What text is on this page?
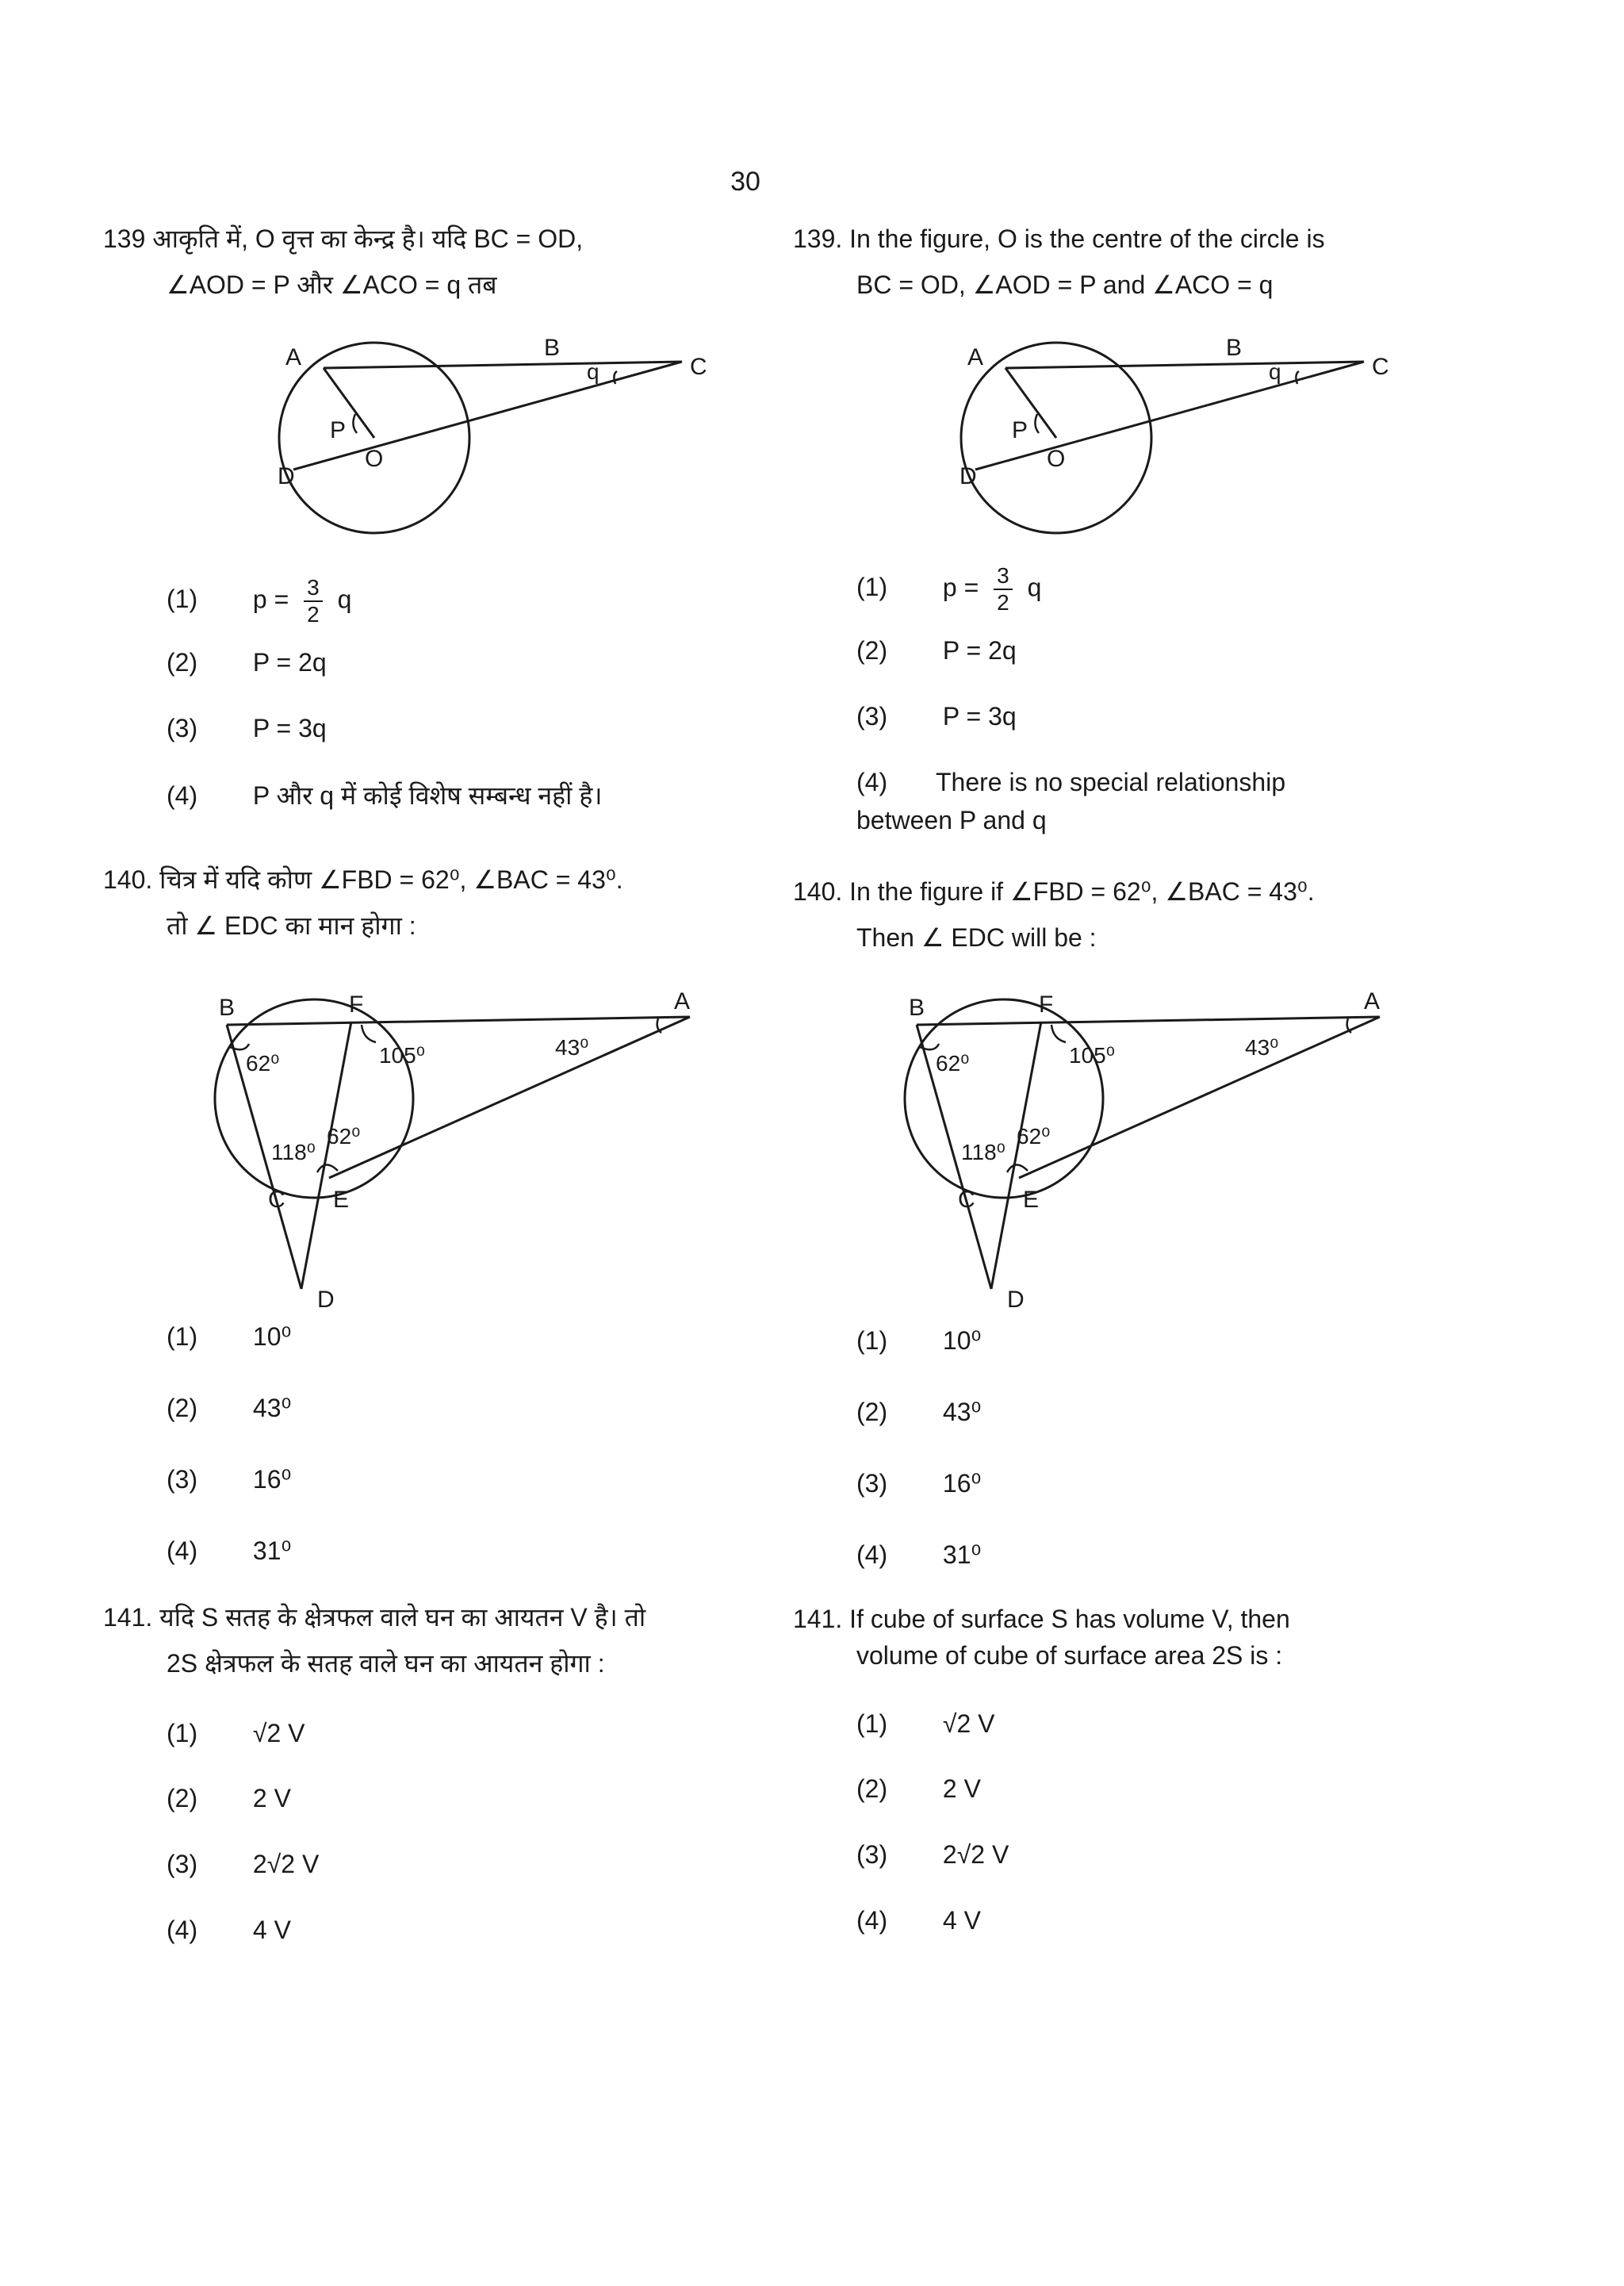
30
139 आकृति में, O वृत्त का केन्द्र है। यदि BC = OD,
∠AOD = P और ∠ACO = q तब
A	B
C
D
O
P
q
(1) $p = \frac{3}{2}$ q
(2) P = 2q
(3) P = 3q
(4) P और q में कोई विशेष सम्बन्ध नहीं है।
140. चित्र में यदि कोण ∠FBD = 62⁰, ∠BAC = 43⁰.
तो ∠ EDC का मान होगा :
B	F	A
C E
D
62⁰	105⁰	43⁰
118⁰
62⁰
(1) 10⁰
(2) 43⁰
(3) 16⁰
(4) 31⁰
141. यदि S सतह के क्षेत्रफल वाले घन का आयतन V है। तो
2S क्षेत्रफल के सतह वाले घन का आयतन होगा :
(1) √2 V
(2) 2 V
(3) 2√2 V
(4) 4 V
139. In the figure, O is the centre of the circle is
BC = OD, ∠AOD = P and ∠ACO = q
A	B
C
D
O
P
q
(1) $p = \frac{3}{2}$ q
(2) P = 2q
(3) P = 3q
(4) There is no special relationship between P and q
140. In the figure if ∠FBD = 62⁰, ∠BAC = 43⁰.
Then ∠ EDC will be :
B	F	A
C E
D
62⁰	105⁰	43⁰
118⁰
62⁰
(1) 10⁰
(2) 43⁰
(3) 16⁰
(4) 31⁰
141. If cube of surface S has volume V, then
volume of cube of surface area 2S is :
(1) √2 V
(2) 2 V
(3) 2√2 V
(4) 4 V
